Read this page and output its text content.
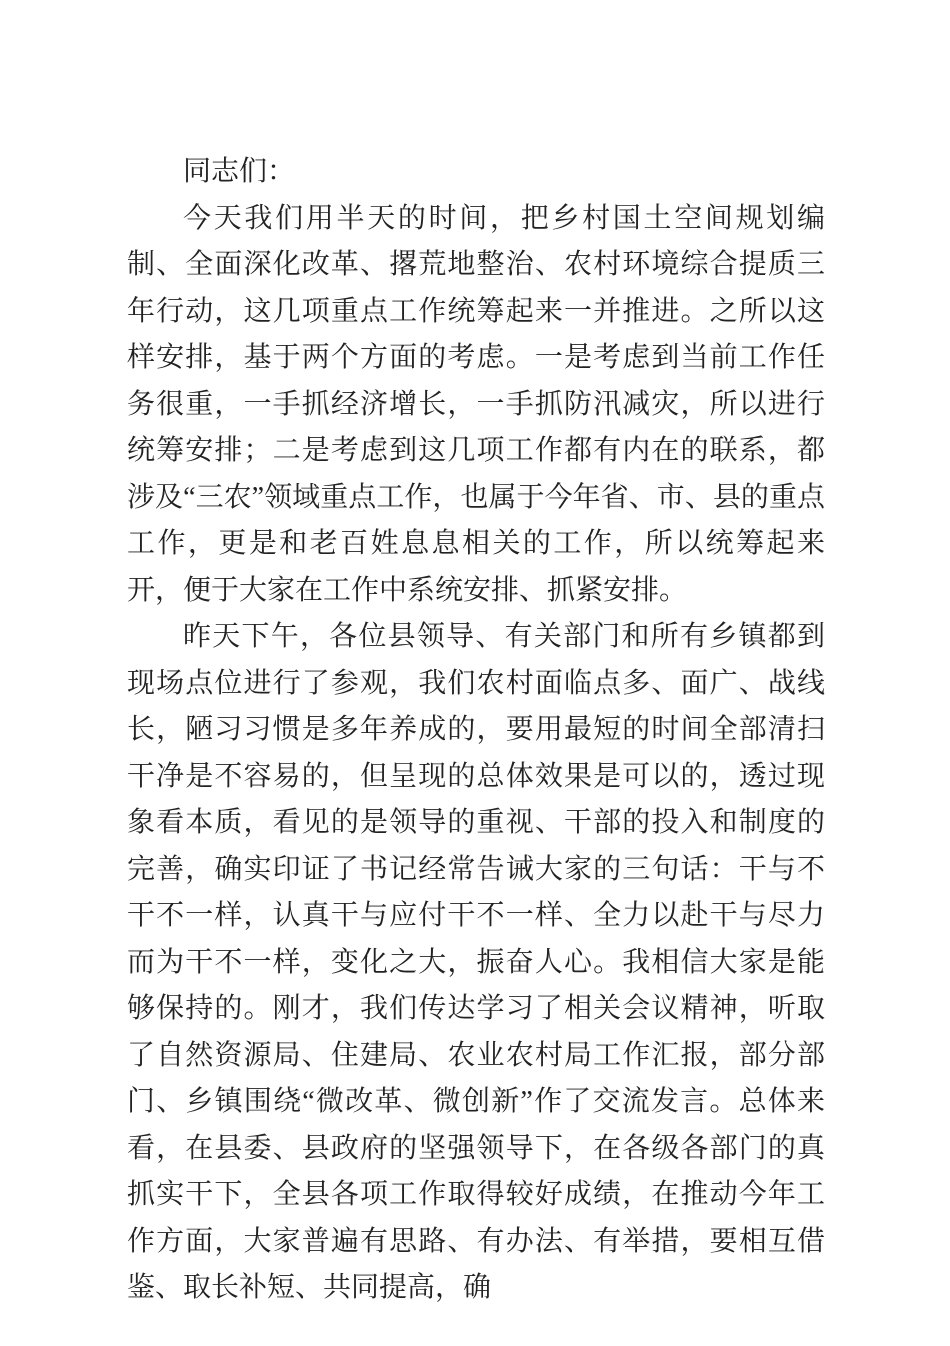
同志们：

今天我们用半天的时间，把乡村国土空间规划编制、全面深化改革、撂荒地整治、农村环境综合提质三年行动，这几项重点工作统筹起来一并推进。之所以这样安排，基于两个方面的考虑。一是考虑到当前工作任务很重，一手抓经济增长，一手抓防汛减灾，所以进行统筹安排；二是考虑到这几项工作都有内在的联系，都涉及“三农”领域重点工作，也属于今年省、市、县的重点工作，更是和老百姓息息相关的工作，所以统筹起来开，便于大家在工作中系统安排、抓紧安排。

昨天下午，各位县领导、有关部门和所有乡镇都到现场点位进行了参观，我们农村面临点多、面广、战线长，陋习习惯是多年养成的，要用最短的时间全部清扫干净是不容易的，但呈现的总体效果是可以的，透过现象看本质，看见的是领导的重视、干部的投入和制度的完善，确实印证了书记经常告诫大家的三句话：干与不干不一样，认真干与应付干不一样、全力以赴干与尽力而为干不一样，变化之大，振奋人心。我相信大家是能够保持的。刚才，我们传达学习了相关会议精神，听取了自然资源局、住建局、农业农村局工作汇报，部分部门、乡镇围绕“微改革、微创新”作了交流发言。总体来看，在县委、县政府的坚强领导下，在各级各部门的真抓实干下，全县各项工作取得较好成绩，在推动今年工作方面，大家普遍有思路、有办法、有举措，要相互借鉴、取长补短、共同提高，确
